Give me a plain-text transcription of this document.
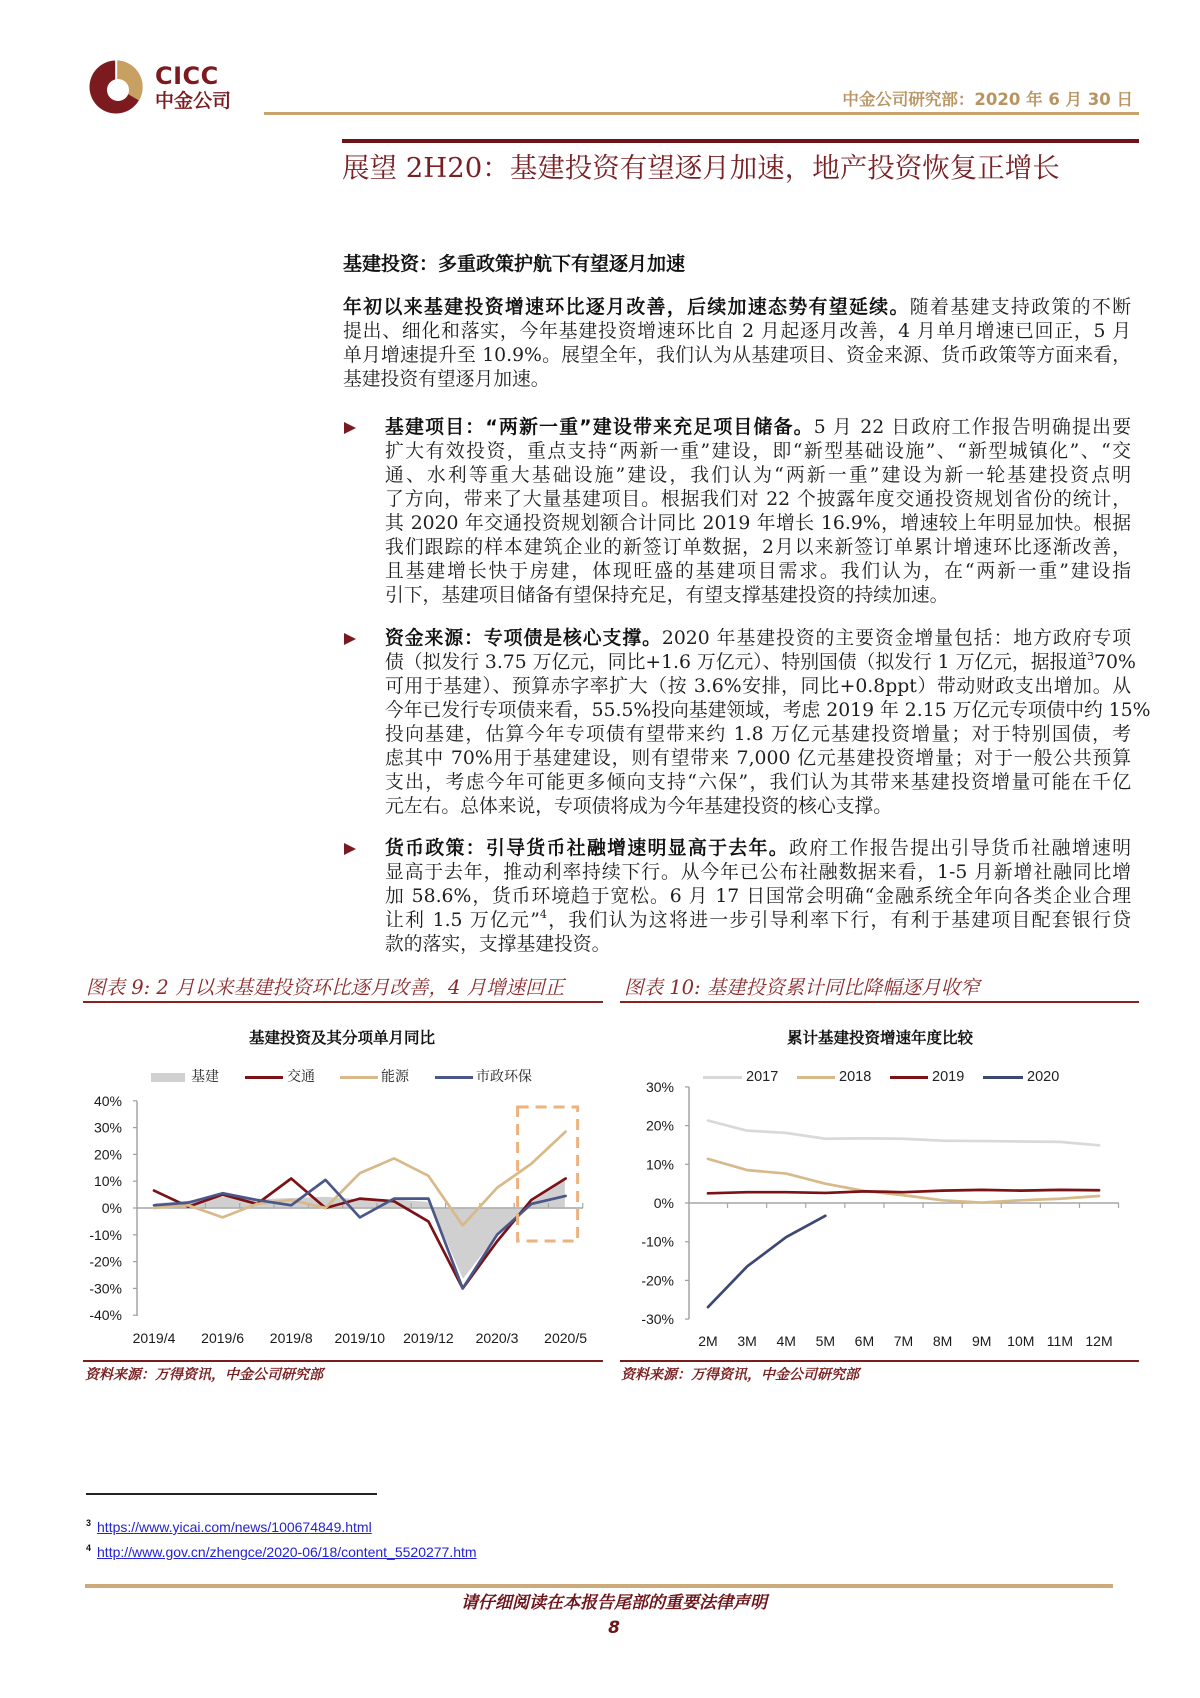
40%
30%
20%
10%
0%
-10%
-20%
-30%
-40%
2019/4 2019/6 2019/8 2019/10 2019/12 2020/3 2020/5
30%
20%
10%
0%
-10%
-20%
-30%
2M 3M 4M 5M 6M 7M 8M 9M 10M 11M 12M
CICC
中金公司	中金公司研究部：2020 年 6 月 30 日
展望 2H20：基建投资有望逐月加速，地产投资恢复正增长
基建投资：多重政策护航下有望逐月加速
年初以来基建投资增速环比逐月改善，后续加速态势有望延续。随着基建支持政策的不断
提出、细化和落实，今年基建投资增速环比自 2 月起逐月改善，4 月单月增速已回正，5 月
单月增速提升至 10.9%。展望全年，我们认为从基建项目、资金来源、货币政策等方面来看，
基建投资有望逐月加速。
基建项目：“两新一重”建设带来充足项目储备。5 月 22 日政府工作报告明确提出要
扩大有效投资，重点支持“两新一重”建设，即“新型基础设施”、“新型城镇化”、“交
通、水利等重大基础设施”建设，我们认为“两新一重”建设为新一轮基建投资点明
了方向，带来了大量基建项目。根据我们对 22 个披露年度交通投资规划省份的统计，
其 2020 年交通投资规划额合计同比 2019 年增长 16.9%，增速较上年明显加快。根据
我们跟踪的样本建筑企业的新签订单数据，2月以来新签订单累计增速环比逐渐改善，
且基建增长快于房建，体现旺盛的基建项目需求。我们认为，在“两新一重”建设指
引下，基建项目储备有望保持充足，有望支撑基建投资的持续加速。
资金来源：专项债是核心支撑。2020 年基建投资的主要资金增量包括：地方政府专项
债（拟发行 3.75 万亿元，同比+1.6 万亿元）、特别国债（拟发行 1 万亿元，据报道$^3$70%
可用于基建）、预算赤字率扩大（按 3.6%安排，同比+0.8ppt）带动财政支出增加。从
今年已发行专项债来看，55.5%投向基建领域，考虑 2019 年 2.15 万亿元专项债中约 15%
投向基建，估算今年专项债有望带来约 1.8 万亿元基建投资增量；对于特别国债，考
虑其中 70%用于基建建设，则有望带来 7,000 亿元基建投资增量；对于一般公共预算
支出，考虑今年可能更多倾向支持“六保”，我们认为其带来基建投资增量可能在千亿
元左右。总体来说，专项债将成为今年基建投资的核心支撑。
货币政策：引导货币社融增速明显高于去年。政府工作报告提出引导货币社融增速明
显高于去年，推动利率持续下行。从今年已公布社融数据来看，1-5 月新增社融同比增
加 58.6%，货币环境趋于宽松。6 月 17 日国常会明确“金融系统全年向各类企业合理
让利 1.5 万亿元”$^4$，我们认为这将进一步引导利率下行，有利于基建项目配套银行贷
款的落实，支撑基建投资。
图表 9: 2 月以来基建投资环比逐月改善，4 月增速回正
基建投资及其分项单月同比
基建	交通	能源	市政环保
资料来源：万得资讯，中金公司研究部
图表 10: 基建投资累计同比降幅逐月收窄
累计基建投资增速年度比较
2017	2018	2019	2020
资料来源：万得资讯，中金公司研究部
$^3$ https://www.yicai.com/news/100674849.html
$^4$ http://www.gov.cn/zhengce/2020-06/18/content_5520277.htm
请仔细阅读在本报告尾部的重要法律声明
8
